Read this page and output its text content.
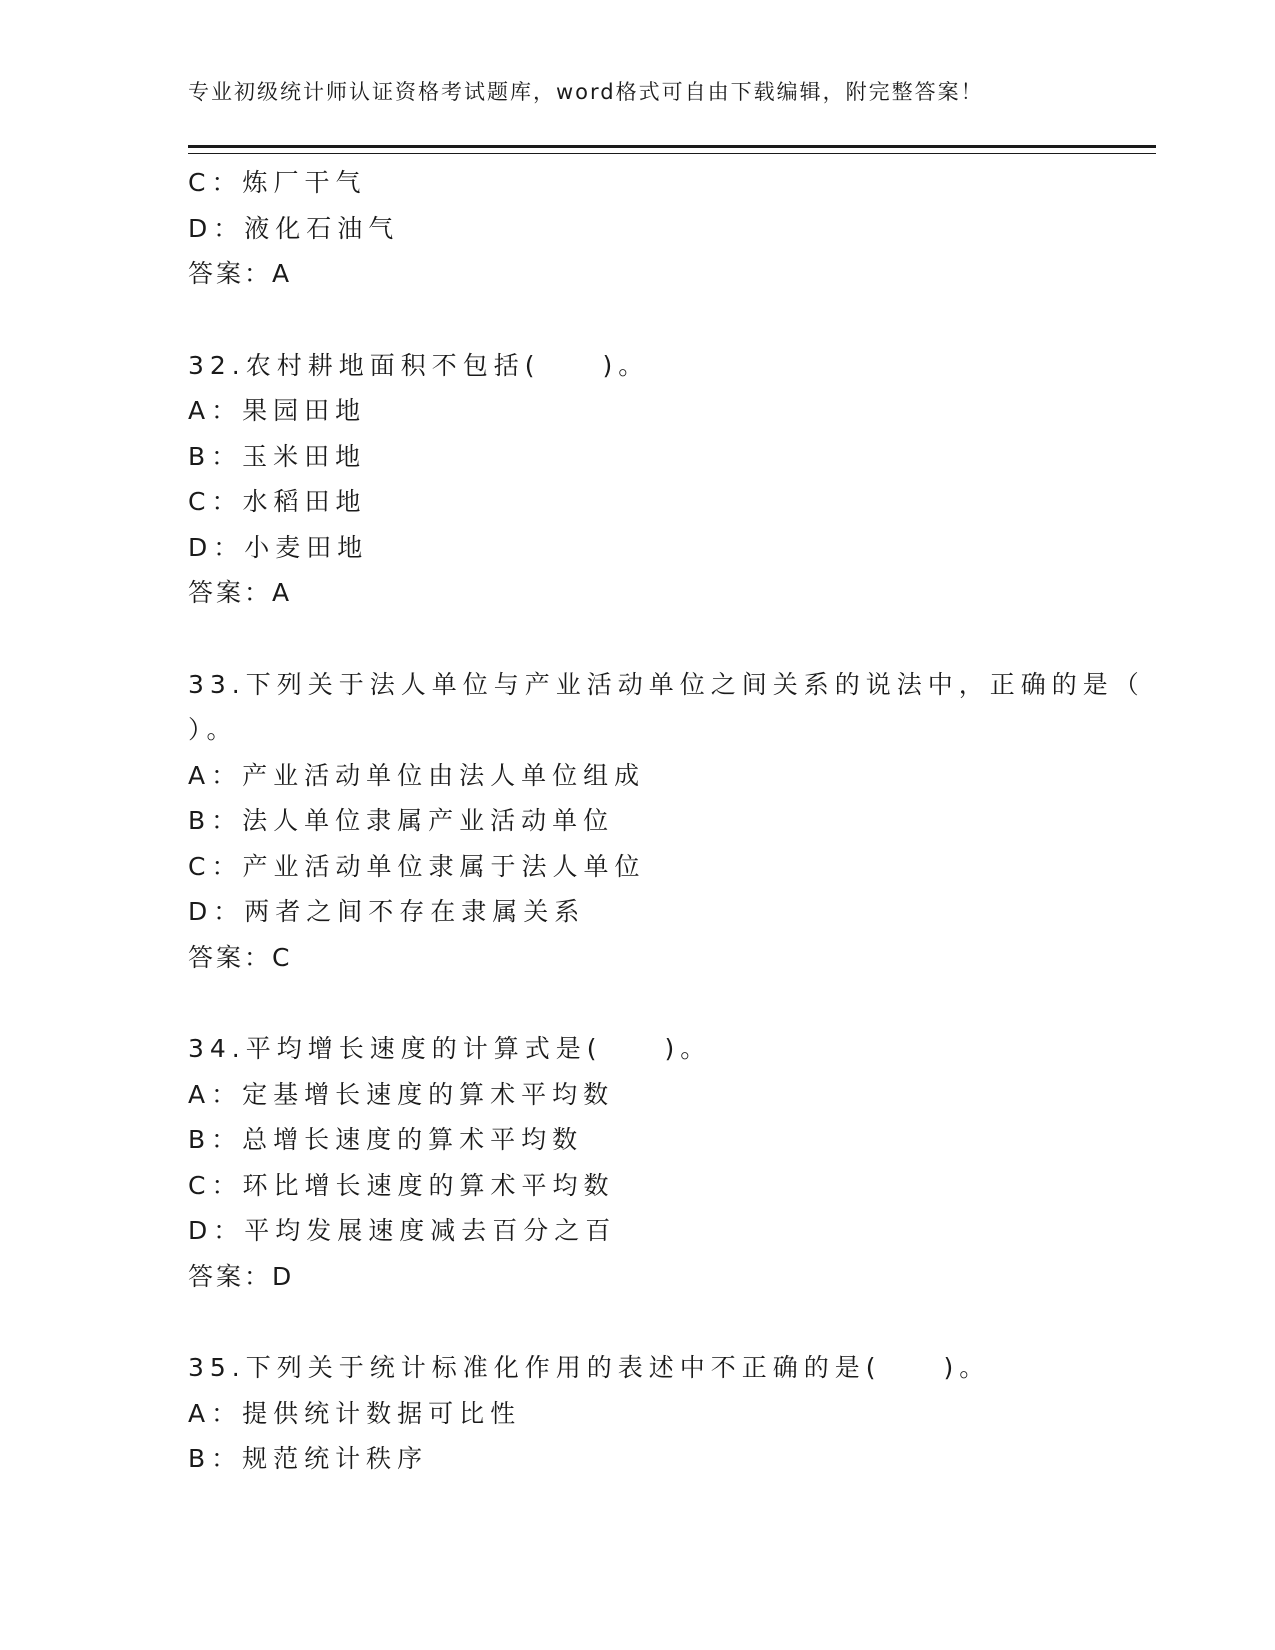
专业初级统计师认证资格考试题库，word格式可自由下载编辑，附完整答案！
C：炼厂干气
D：液化石油气
答案：A
32.农村耕地面积不包括(　　)。
A：果园田地
B：玉米田地
C：水稻田地
D：小麦田地
答案：A
33.下列关于法人单位与产业活动单位之间关系的说法中，正确的是（
）。
A：产业活动单位由法人单位组成
B：法人单位隶属产业活动单位
C：产业活动单位隶属于法人单位
D：两者之间不存在隶属关系
答案：C
34.平均增长速度的计算式是(　　)。
A：定基增长速度的算术平均数
B：总增长速度的算术平均数
C：环比增长速度的算术平均数
D：平均发展速度减去百分之百
答案：D
35.下列关于统计标准化作用的表述中不正确的是(　　)。
A：提供统计数据可比性
B：规范统计秩序
